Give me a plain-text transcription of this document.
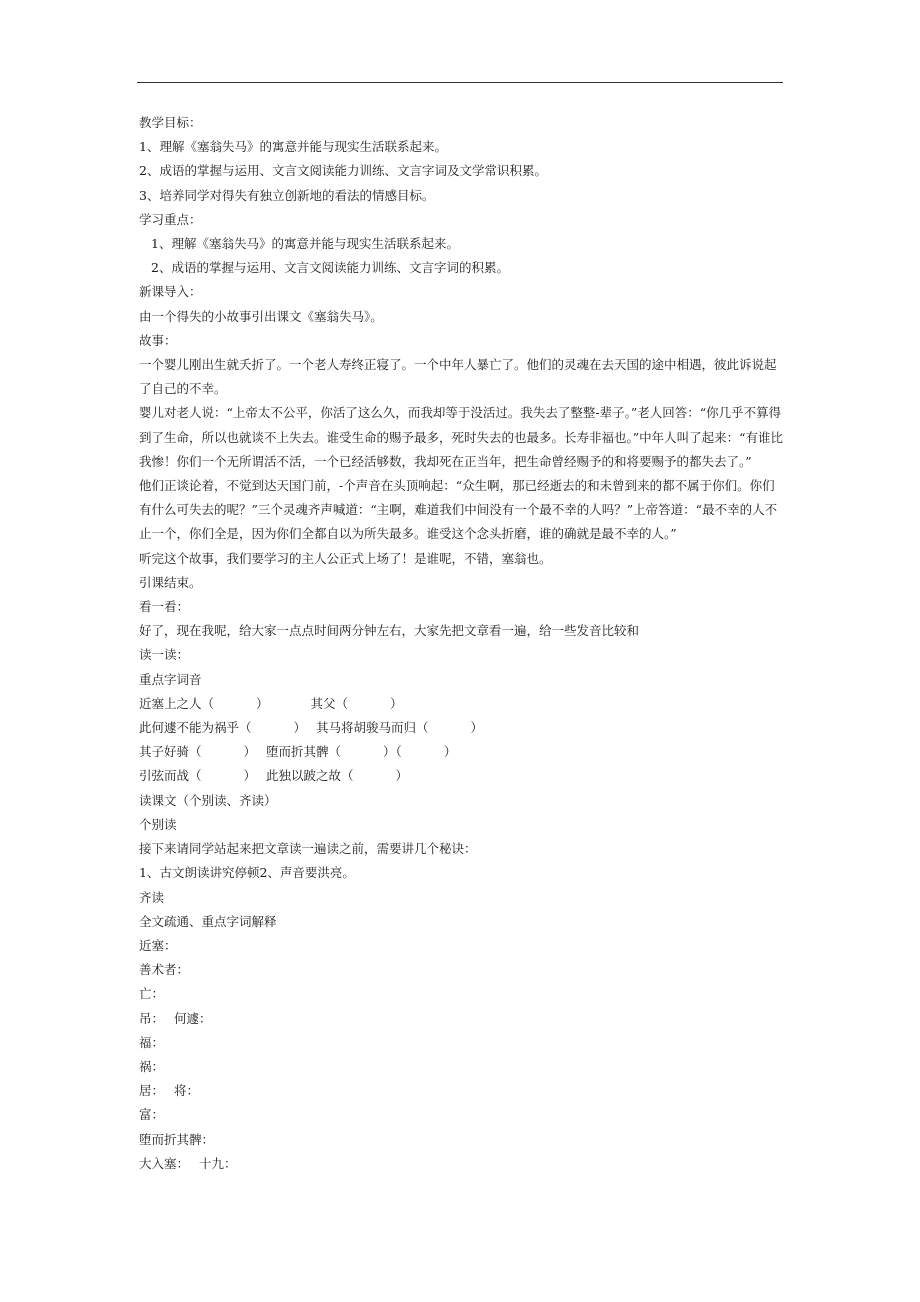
教学目标：
1、理解《塞翁失马》的寓意并能与现实生活联系起来。
2、成语的掌握与运用、文言文阅读能力训练、文言字词及文学常识积累。
3、培养同学对得失有独立创新地的看法的情感目标。
学习重点：
1、理解《塞翁失马》的寓意并能与现实生活联系起来。
2、成语的掌握与运用、文言文阅读能力训练、文言字词的积累。
新课导入：
由一个得失的小故事引出课文《塞翁失马》。
故事：
一个婴儿刚出生就夭折了。一个老人寿终正寝了。一个中年人暴亡了。他们的灵魂在去天国的途中相遇，彼此诉说起了自己的不幸。
婴儿对老人说：“上帝太不公平，你活了这么久，而我却等于没活过。我失去了整整-辈子。”老人回答：“你几乎不算得到了生命，所以也就谈不上失去。谁受生命的赐予最多，死时失去的也最多。长寿非福也。”中年人叫了起来：“有谁比我惨！你们一个无所谓活不活，一个已经活够数，我却死在正当年，把生命曾经赐予的和将要赐予的都失去了。”
他们正谈论着，不觉到达天国门前，-个声音在头顶响起：“众生啊，那已经逝去的和未曾到来的都不属于你们。你们有什么可失去的呢？”三个灵魂齐声喊道：“主啊，难道我们中间没有一个最不幸的人吗？”上帝答道：“最不幸的人不止一个，你们全是，因为你们全都自以为所失最多。谁受这个念头折磨，谁的确就是最不幸的人。”
听完这个故事，我们要学习的主人公正式上场了！是谁呢，不错，塞翁也。
引课结束。
看一看：
好了，现在我呢，给大家一点点时间两分钟左右，大家先把文章看一遍，给一些发音比较和
读一读：
重点字词音
近塞上之人（	）	其父（	）
此何遽不能为祸乎（	） 其马将胡骏马而归（	）
其子好骑（	） 堕而折其髀（	）（	）
引弦而战（	） 此独以跛之故（	）
读课文（个别读、齐读）
个别读
接下来请同学站起来把文章读一遍读之前，需要讲几个秘诀：
1、古文朗读讲究停顿2、声音要洪亮。
齐读
全文疏通、重点字词解释
近塞：
善术者：
亡：
吊： 何遽：
福：
祸：
居： 将：
富：
堕而折其髀：
大入塞： 十九：
